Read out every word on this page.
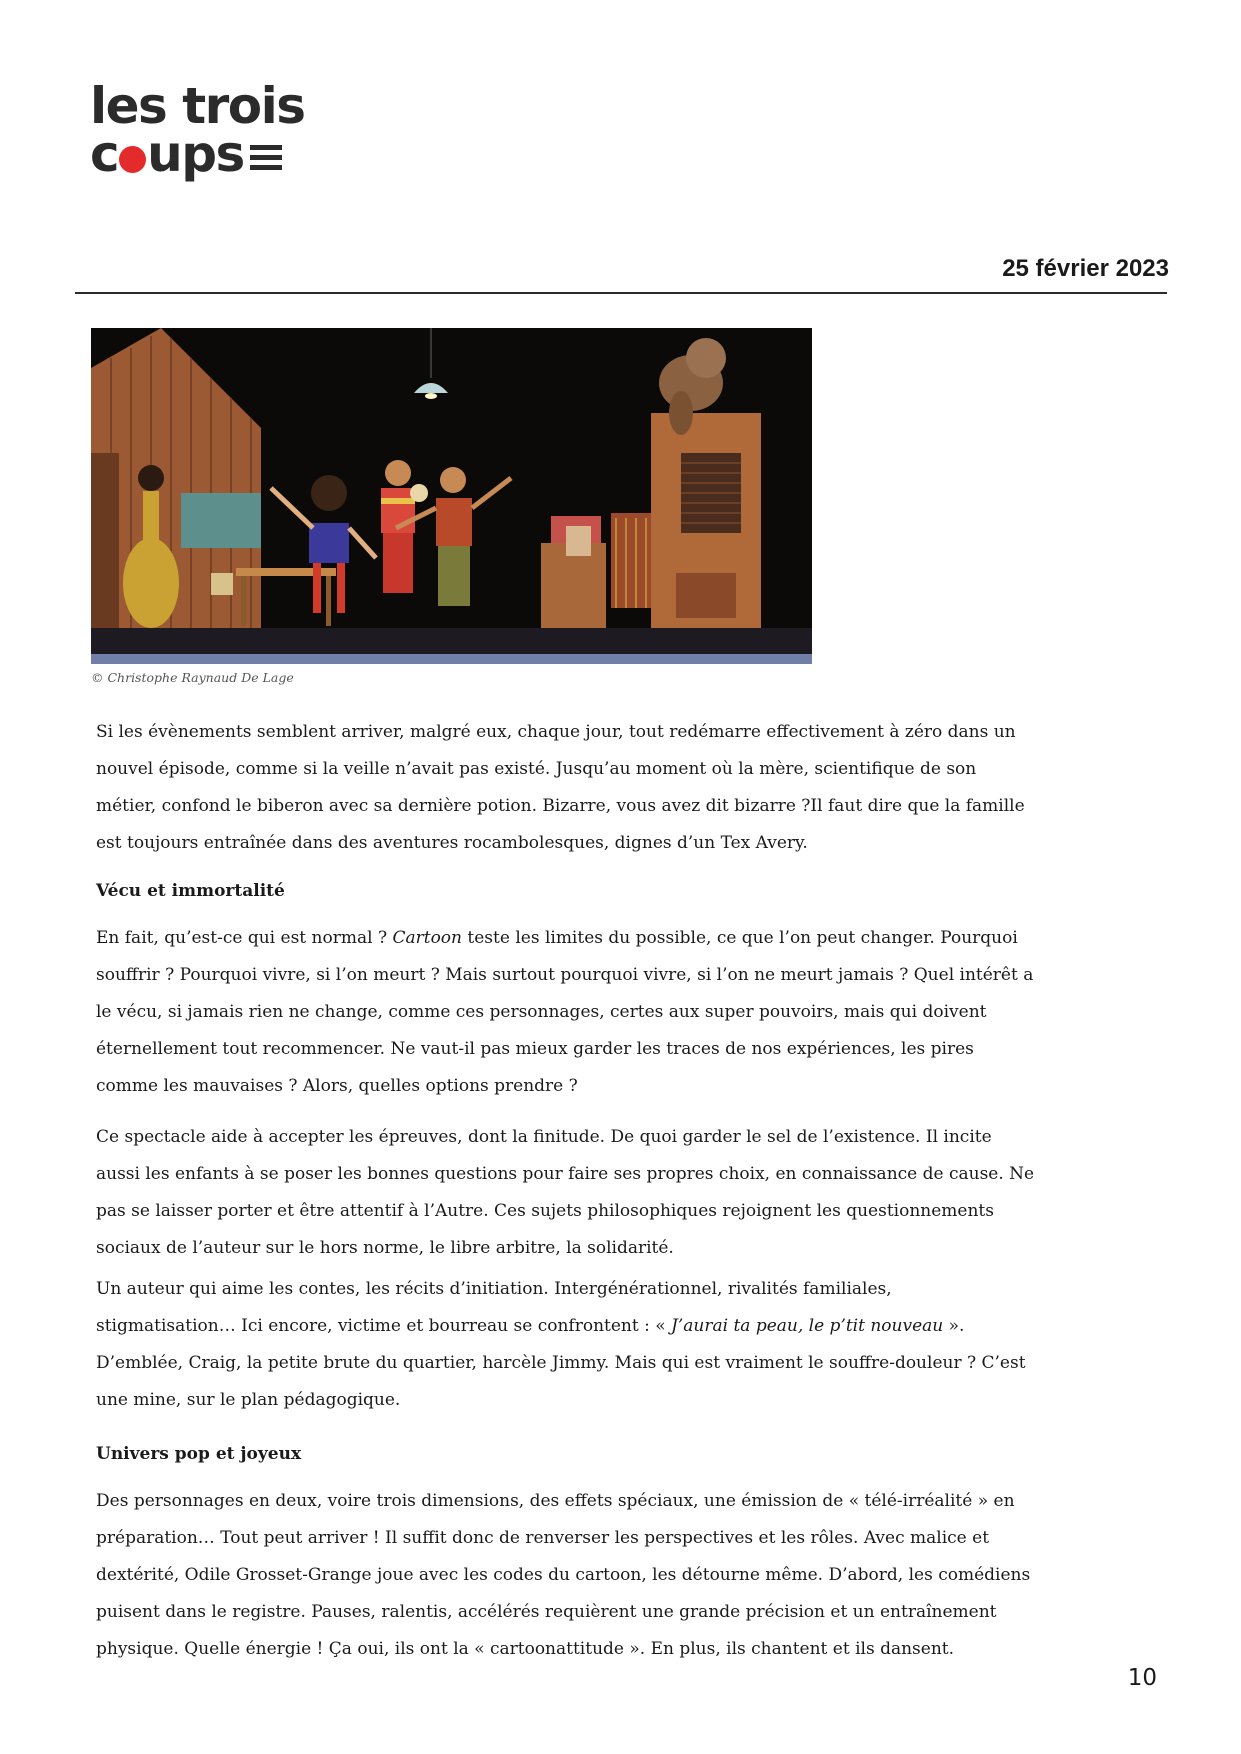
les trois
c ups
25 février 2023
© Christophe Raynaud De Lage

Si les évènements semblent arriver, malgré eux, chaque jour, tout redémarre effectivement à zéro dans un nouvel épisode, comme si la veille n’avait pas existé. Jusqu’au moment où la mère, scientifique de son métier, confond le biberon avec sa dernière potion. Bizarre, vous avez dit bizarre ?Il faut dire que la famille est toujours entraînée dans des aventures rocambolesques, dignes d’un Tex Avery.

Vécu et immortalité

En fait, qu’est-ce qui est normal ? Cartoon teste les limites du possible, ce que l’on peut changer. Pourquoi souffrir ? Pourquoi vivre, si l’on meurt ? Mais surtout pourquoi vivre, si l’on ne meurt jamais ? Quel intérêt a le vécu, si jamais rien ne change, comme ces personnages, certes aux super pouvoirs, mais qui doivent éternellement tout recommencer. Ne vaut-il pas mieux garder les traces de nos expériences, les pires comme les mauvaises ? Alors, quelles options prendre ?

Ce spectacle aide à accepter les épreuves, dont la finitude. De quoi garder le sel de l’existence. Il incite aussi les enfants à se poser les bonnes questions pour faire ses propres choix, en connaissance de cause. Ne pas se laisser porter et être attentif à l’Autre. Ces sujets philosophiques rejoignent les questionnements sociaux de l’auteur sur le hors norme, le libre arbitre, la solidarité.

Un auteur qui aime les contes, les récits d’initiation. Intergénérationnel, rivalités familiales, stigmatisation… Ici encore, victime et bourreau se confrontent : « J’aurai ta peau, le p’tit nouveau ». D’emblée, Craig, la petite brute du quartier, harcèle Jimmy. Mais qui est vraiment le souffre-douleur ? C’est une mine, sur le plan pédagogique.

Univers pop et joyeux

Des personnages en deux, voire trois dimensions, des effets spéciaux, une émission de « télé-irréalité » en préparation… Tout peut arriver ! Il suffit donc de renverser les perspectives et les rôles. Avec malice et dextérité, Odile Grosset-Grange joue avec les codes du cartoon, les détourne même. D’abord, les comédiens puisent dans le registre. Pauses, ralentis, accélérés requièrent une grande précision et un entraînement physique. Quelle énergie ! Ça oui, ils ont la « cartoonattitude ». En plus, ils chantent et ils dansent.

10
